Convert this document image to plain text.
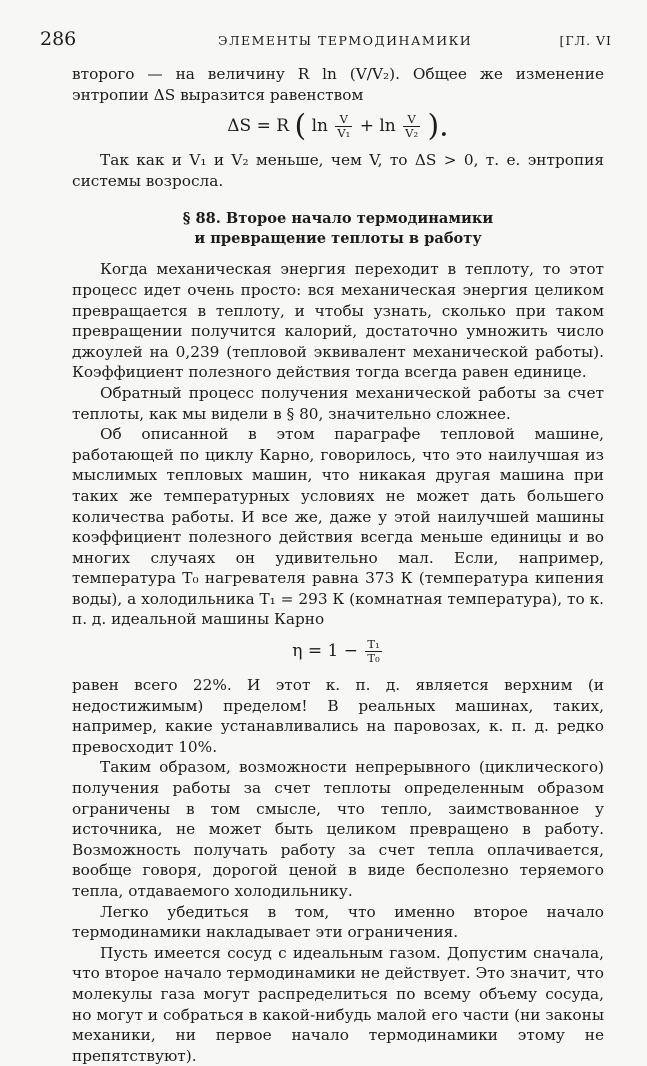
286	ЭЛЕМЕНТЫ ТЕРМОДИНАМИКИ	[ГЛ. VI

второго — на величину R ln (V/V₂). Общее же изменение энтропии ΔS выразится равенством

ΔS = R ( $\ln \frac{V}{\text{V₁}} + \ln \frac{V}{\text{V₂}}$ ).

Так как и V₁ и V₂ меньше, чем V, то ΔS > 0, т. е. энтропия системы возросла.

§ 88. Второе начало термодинамики
и превращение теплоты в работу

Когда механическая энергия переходит в теплоту, то этот процесс идет очень просто: вся механическая энергия целиком превращается в теплоту, и чтобы узнать, сколько при таком превращении получится калорий, достаточно умножить число джоулей на 0,239 (тепловой эквивалент механической работы). Коэффициент полезного действия тогда всегда равен единице.

Обратный процесс получения механической работы за счет теплоты, как мы видели в § 80, значительно сложнее.

Об описанной в этом параграфе тепловой машине, работающей по циклу Карно, говорилось, что это наилучшая из мыслимых тепловых машин, что никакая другая машина при таких же температурных условиях не может дать большего количества работы. И все же, даже у этой наилучшей машины коэффициент полезного действия всегда меньше единицы и во многих случаях он удивительно мал. Если, например, температура T₀ нагревателя равна 373 К (температура кипения воды), а холодильника T₁ = 293 К (комнатная температура), то к. п. д. идеальной машины Карно

$\eta = 1 - \frac{\text{T₁}}{\text{T₀}}$

равен всего 22%. И этот к. п. д. является верхним (и недостижимым) пределом! В реальных машинах, таких, например, какие устанавливались на паровозах, к. п. д. редко превосходит 10%.

Таким образом, возможности непрерывного (циклического) получения работы за счет теплоты определенным образом ограничены в том смысле, что тепло, заимствованное у источника, не может быть целиком превращено в работу. Возможность получать работу за счет тепла оплачивается, вообще говоря, дорогой ценой в виде бесполезно теряемого тепла, отдаваемого холодильнику.

Легко убедиться в том, что именно второе начало термодинамики накладывает эти ограничения.

Пусть имеется сосуд с идеальным газом. Допустим сначала, что второе начало термодинамики не действует. Это значит, что молекулы газа могут распределиться по всему объему сосуда, но могут и собраться в какой-нибудь малой его части (ни законы механики, ни первое начало термодинамики этому не препятствуют).
